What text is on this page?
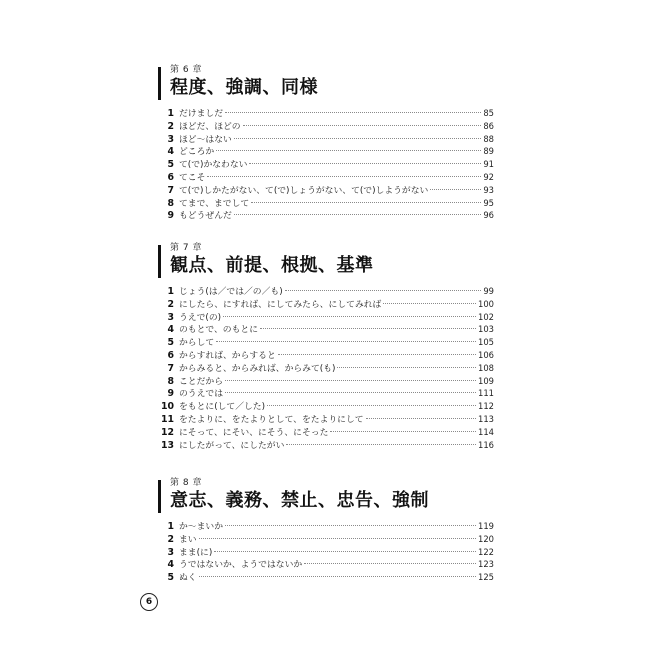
第 6 章
程度、強調、同様
1 だけましだ	85
2 ほどだ、ほどの	86
3 ほど〜はない	88
4 どころか	89
5 て(で)かなわない	91
6 てこそ	92
7 て(で)しかたがない、て(で)しょうがない、て(で)しようがない	93
8 てまで、までして	95
9 もどうぜんだ	96
第 7 章
観点、前提、根拠、基準
1 じょう(は／では／の／も)	99
2 にしたら、にすれば、にしてみたら、にしてみれば	100
3 うえで(の)	102
4 のもとで、のもとに	103
5 からして	105
6 からすれば、からすると	106
7 からみると、からみれば、からみて(も)	108
8 ことだから	109
9 のうえでは	111
10 をもとに(して／した)	112
11 をたよりに、をたよりとして、をたよりにして	113
12 にそって、にそい、にそう、にそった	114
13 にしたがって、にしたがい	116
第 8 章
意志、義務、禁止、忠告、強制
1 か〜まいか	119
2 まい	120
3 まま(に)	122
4 うではないか、ようではないか	123
5 ぬく	125
6
